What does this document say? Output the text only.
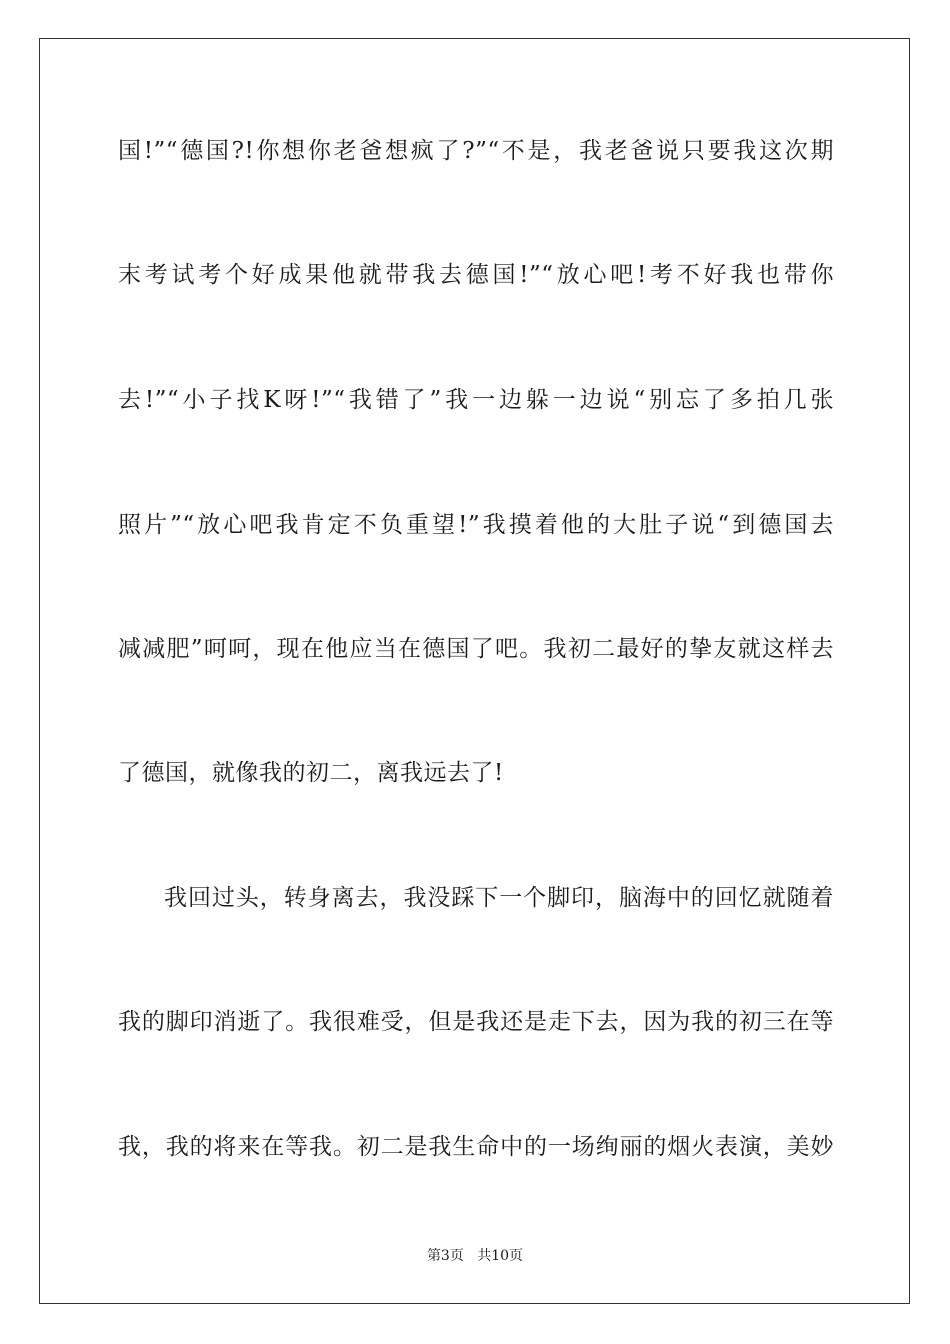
国!”“德国?!你想你老爸想疯了?”“不是，我老爸说只要我这次期
末考试考个好成果他就带我去德国!”“放心吧!考不好我也带你
去!”“小子找K呀!”“我错了”我一边躲一边说“别忘了多拍几张
照片”“放心吧我肯定不负重望!”我摸着他的大肚子说“到德国去
减减肥”呵呵，现在他应当在德国了吧。我初二最好的挚友就这样去
了德国，就像我的初二，离我远去了!
我回过头，转身离去，我没踩下一个脚印，脑海中的回忆就随着
我的脚印消逝了。我很难受，但是我还是走下去，因为我的初三在等
我，我的将来在等我。初二是我生命中的一场绚丽的烟火表演，美妙
第3页 共10页
